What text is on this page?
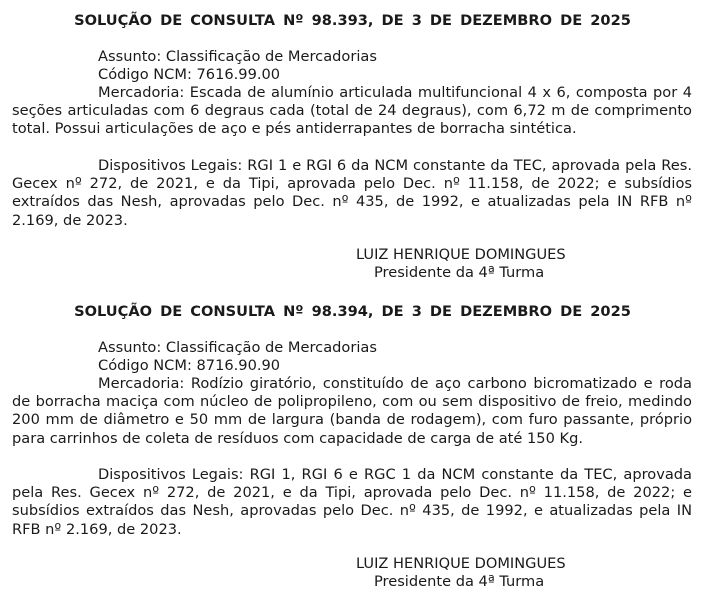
SOLUÇÃO DE CONSULTA Nº 98.393, DE 3 DE DEZEMBRO DE 2025

Assunto: Classificação de Mercadorias

Código NCM: 7616.99.00

Mercadoria: Escada de alumínio articulada multifuncional 4 x 6, composta por 4 seções articuladas com 6 degraus cada (total de 24 degraus), com 6,72 m de comprimento total. Possui articulações de aço e pés antiderrapantes de borracha sintética.

Dispositivos Legais: RGI 1 e RGI 6 da NCM constante da TEC, aprovada pela Res. Gecex nº 272, de 2021, e da Tipi, aprovada pelo Dec. nº 11.158, de 2022; e subsídios extraídos das Nesh, aprovadas pelo Dec. nº 435, de 1992, e atualizadas pela IN RFB nº 2.169, de 2023.

LUIZ HENRIQUE DOMINGUES

Presidente da 4ª Turma

SOLUÇÃO DE CONSULTA Nº 98.394, DE 3 DE DEZEMBRO DE 2025

Assunto: Classificação de Mercadorias

Código NCM: 8716.90.90

Mercadoria: Rodízio giratório, constituído de aço carbono bicromatizado e roda de borracha maciça com núcleo de polipropileno, com ou sem dispositivo de freio, medindo 200 mm de diâmetro e 50 mm de largura (banda de rodagem), com furo passante, próprio para carrinhos de coleta de resíduos com capacidade de carga de até 150 Kg.

Dispositivos Legais: RGI 1, RGI 6 e RGC 1 da NCM constante da TEC, aprovada pela Res. Gecex nº 272, de 2021, e da Tipi, aprovada pelo Dec. nº 11.158, de 2022; e subsídios extraídos das Nesh, aprovadas pelo Dec. nº 435, de 1992, e atualizadas pela IN RFB nº 2.169, de 2023.

LUIZ HENRIQUE DOMINGUES

Presidente da 4ª Turma
